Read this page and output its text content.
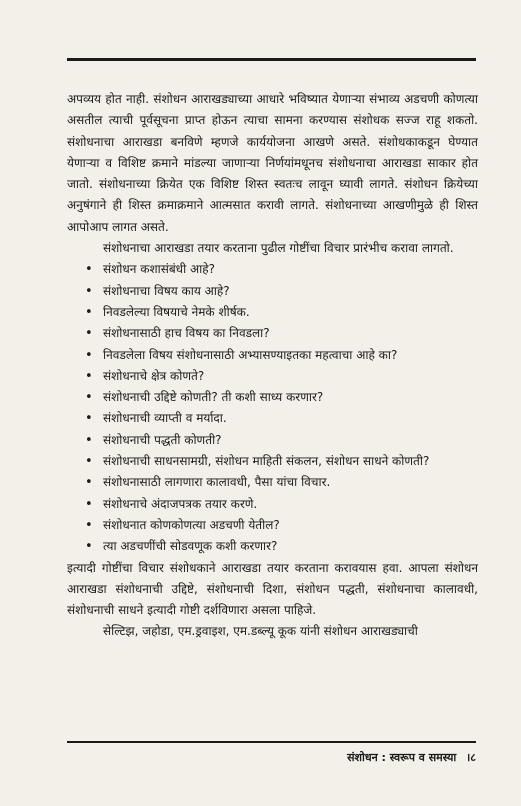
अपव्यय होत नाही. संशोधन आराखड्याच्या आधारे भविष्यात येणाऱ्या संभाव्य अडचणी कोणत्या असतील त्याची पूर्वसूचना प्राप्त होऊन त्याचा सामना करण्यास संशोधक सज्ज राहू शकतो. संशोधनाचा आराखडा बनविणे म्हणजे कार्ययोजना आखणे असते. संशोधकाकडून घेण्यात येणाऱ्या व विशिष्ट क्रमाने मांडल्या जाणाऱ्या निर्णयांमधूनच संशोधनाचा आराखडा साकार होत जातो. संशोधनाच्या क्रियेत एक विशिष्ट शिस्त स्वतःच लावून घ्यावी लागते. संशोधन क्रियेच्या अनुषंगाने ही शिस्त क्रमाक्रमाने आत्मसात करावी लागते. संशोधनाच्या आखणीमुळे ही शिस्त आपोआप लागत असते.

संशोधनाचा आराखडा तयार करताना पुढील गोष्टींचा विचार प्रारंभीच करावा लागतो.

• संशोधन कशासंबंधी आहे?
• संशोधनाचा विषय काय आहे?
• निवडलेल्या विषयाचे नेमके शीर्षक.
• संशोधनासाठी हाच विषय का निवडला?
• निवडलेला विषय संशोधनासाठी अभ्यासण्याइतका महत्वाचा आहे का?
• संशोधनाचे क्षेत्र कोणते?
• संशोधनाची उद्दिष्टे कोणती? ती कशी साध्य करणार?
• संशोधनाची व्याप्ती व मर्यादा.
• संशोधनाची पद्धती कोणती?
• संशोधनाची साधनसामग्री, संशोधन माहिती संकलन, संशोधन साधने कोणती?
• संशोधनासाठी लागणारा कालावधी, पैसा यांचा विचार.
• संशोधनाचे अंदाजपत्रक तयार करणे.
• संशोधनात कोणकोणत्या अडचणी येतील?
• त्या अडचणींची सोडवणूक कशी करणार?

इत्यादी गोष्टींचा विचार संशोधकाने आराखडा तयार करताना करावयास हवा. आपला संशोधन आराखडा संशोधनाची उद्दिष्टे, संशोधनाची दिशा, संशोधन पद्धती, संशोधनाचा कालावधी, संशोधनाची साधने इत्यादी गोष्टी दर्शविणारा असला पाहिजे.

सेल्टिझ, जहोडा, एम.ड्रवाइश, एम.डब्ल्यू कूक यांनी संशोधन आराखड्याची

संशोधन : स्वरूप व समस्या ।८
